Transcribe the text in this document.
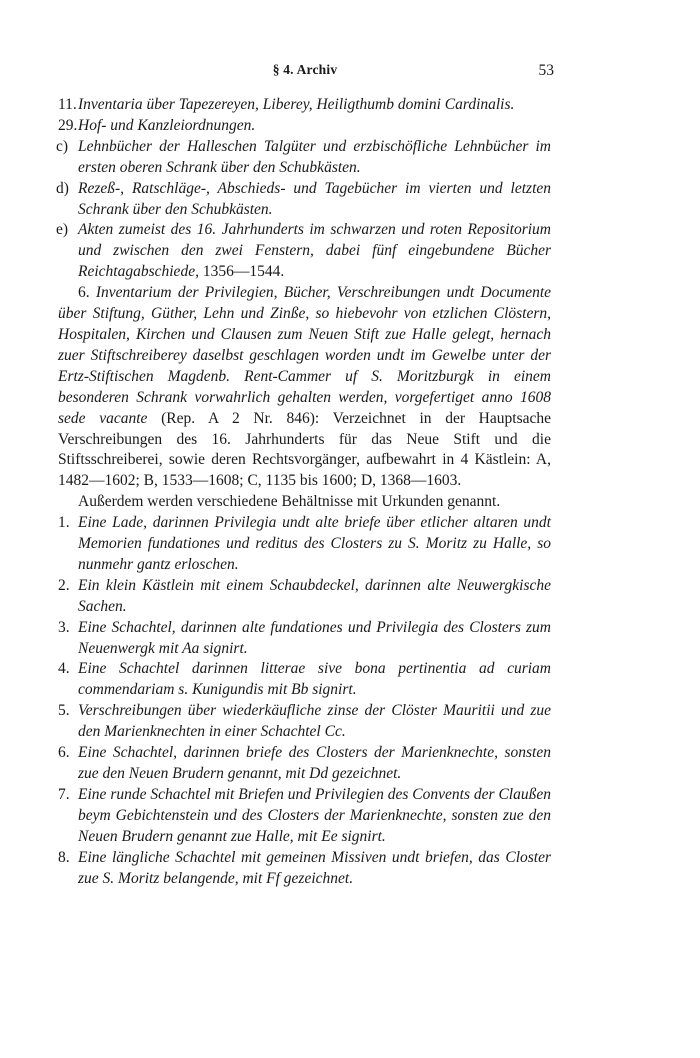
§ 4. Archiv	53

11.Inventaria über Tapezereyen, Liberey, Heiligthumb domini Cardinalis.

29.Hof- und Kanzleiordnungen.

c) Lehnbücher der Halleschen Talgüter und erzbischöfliche Lehnbücher im ersten oberen Schrank über den Schubkästen.

d) Rezeß-, Ratschläge-, Abschieds- und Tagebücher im vierten und letzten Schrank über den Schubkästen.

e) Akten zumeist des 16. Jahrhunderts im schwarzen und roten Repositorium und zwischen den zwei Fenstern, dabei fünf eingebundene Bücher Reichtagabschiede, 1356—1544.

6. Inventarium der Privilegien, Bücher, Verschreibungen undt Documente über Stiftung, Güther, Lehn und Zinße, so hiebevohr von etzlichen Clöstern, Hospitalen, Kirchen und Clausen zum Neuen Stift zue Halle gelegt, hernach zuer Stiftschreiberey daselbst geschlagen worden undt im Gewelbe unter der Ertz-Stiftischen Magdenb. Rent-Cammer uf S. Moritzburgk in einem besonderen Schrank vorwahrlich gehalten werden, vorgefertiget anno 1608 sede vacante (Rep. A 2 Nr. 846): Verzeichnet in der Hauptsache Verschreibungen des 16. Jahrhunderts für das Neue Stift und die Stiftsschreiberei, sowie deren Rechtsvorgänger, aufbewahrt in 4 Kästlein: A, 1482—1602; B, 1533—1608; C, 1135 bis 1600; D, 1368—1603.

Außerdem werden verschiedene Behältnisse mit Urkunden genannt.

1. Eine Lade, darinnen Privilegia undt alte briefe über etlicher altaren undt Memorien fundationes und reditus des Closters zu S. Moritz zu Halle, so nunmehr gantz erloschen.

2. Ein klein Kästlein mit einem Schaubdeckel, darinnen alte Neuwergkische Sachen.

3. Eine Schachtel, darinnen alte fundationes und Privilegia des Closters zum Neuenwergk mit Aa signirt.

4. Eine Schachtel darinnen litterae sive bona pertinentia ad curiam commendariam s. Kunigundis mit Bb signirt.

5. Verschreibungen über wiederkäufliche zinse der Clöster Mauritii und zue den Marienknechten in einer Schachtel Cc.

6. Eine Schachtel, darinnen briefe des Closters der Marienknechte, sonsten zue den Neuen Brudern genannt, mit Dd gezeichnet.

7. Eine runde Schachtel mit Briefen und Privilegien des Convents der Claußen beym Gebichtenstein und des Closters der Marienknechte, sonsten zue den Neuen Brudern genannt zue Halle, mit Ee signirt.

8. Eine längliche Schachtel mit gemeinen Missiven undt briefen, das Closter zue S. Moritz belangende, mit Ff gezeichnet.
